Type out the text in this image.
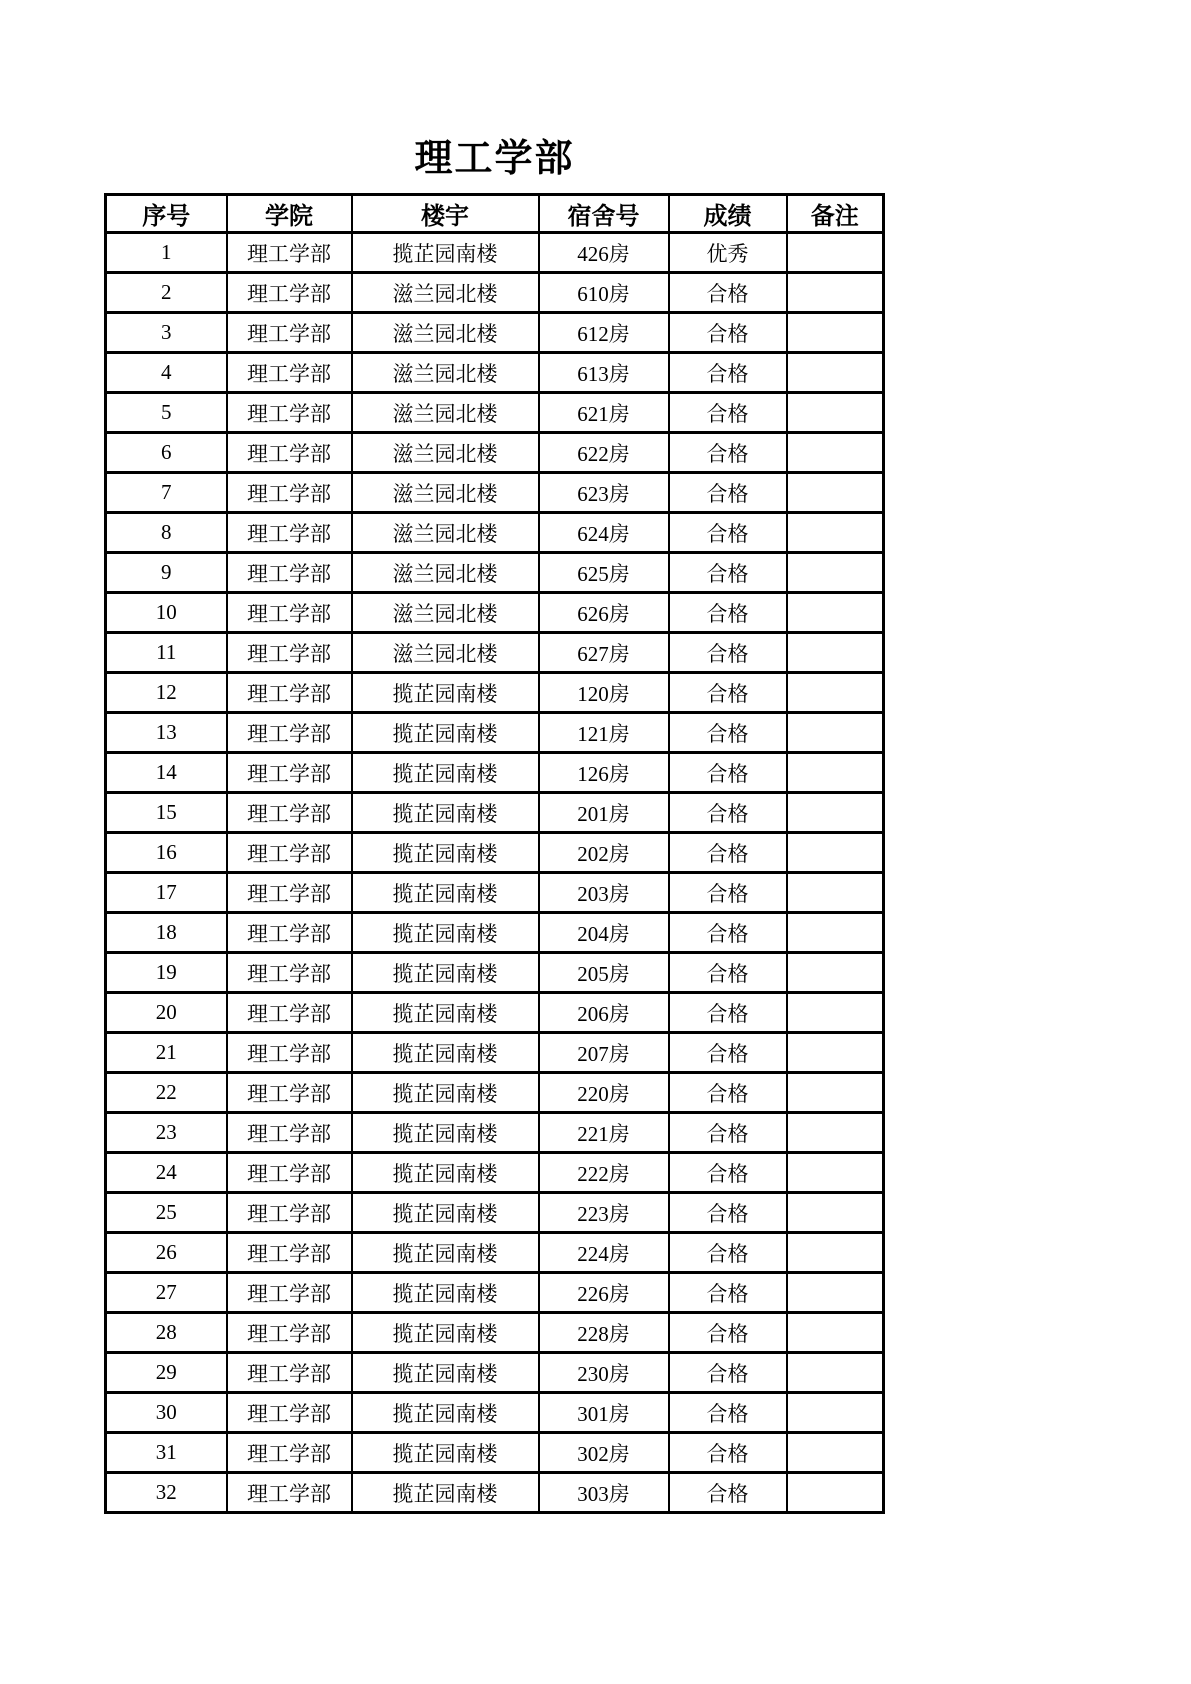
理工学部
序号	学院	楼宇	宿舍号	成绩	备注
1	理工学部	揽芷园南楼	426房	优秀	
2	理工学部	滋兰园北楼	610房	合格	
3	理工学部	滋兰园北楼	612房	合格	
4	理工学部	滋兰园北楼	613房	合格	
5	理工学部	滋兰园北楼	621房	合格	
6	理工学部	滋兰园北楼	622房	合格	
7	理工学部	滋兰园北楼	623房	合格	
8	理工学部	滋兰园北楼	624房	合格	
9	理工学部	滋兰园北楼	625房	合格	
10	理工学部	滋兰园北楼	626房	合格	
11	理工学部	滋兰园北楼	627房	合格	
12	理工学部	揽芷园南楼	120房	合格	
13	理工学部	揽芷园南楼	121房	合格	
14	理工学部	揽芷园南楼	126房	合格	
15	理工学部	揽芷园南楼	201房	合格	
16	理工学部	揽芷园南楼	202房	合格	
17	理工学部	揽芷园南楼	203房	合格	
18	理工学部	揽芷园南楼	204房	合格	
19	理工学部	揽芷园南楼	205房	合格	
20	理工学部	揽芷园南楼	206房	合格	
21	理工学部	揽芷园南楼	207房	合格	
22	理工学部	揽芷园南楼	220房	合格	
23	理工学部	揽芷园南楼	221房	合格	
24	理工学部	揽芷园南楼	222房	合格	
25	理工学部	揽芷园南楼	223房	合格	
26	理工学部	揽芷园南楼	224房	合格	
27	理工学部	揽芷园南楼	226房	合格	
28	理工学部	揽芷园南楼	228房	合格	
29	理工学部	揽芷园南楼	230房	合格	
30	理工学部	揽芷园南楼	301房	合格	
31	理工学部	揽芷园南楼	302房	合格	
32	理工学部	揽芷园南楼	303房	合格	
